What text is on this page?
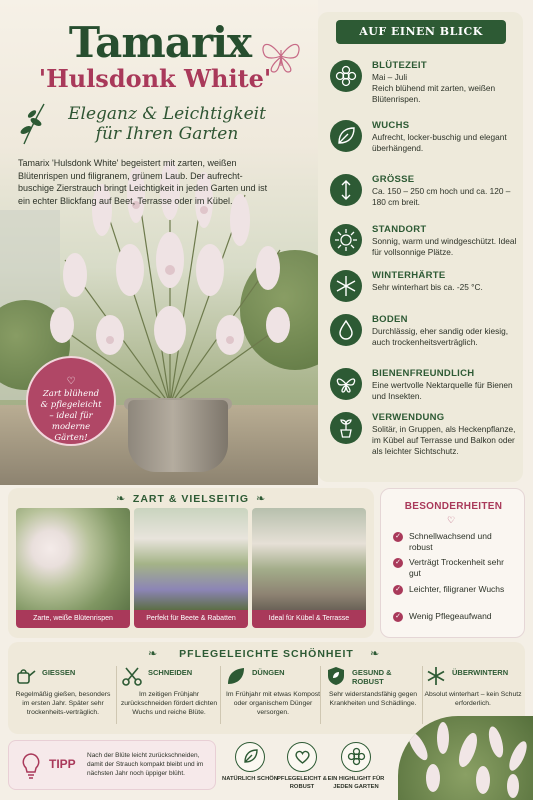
Tamarix
'Hulsdonk White'
Eleganz & Leichtigkeit
für Ihren Garten
Tamarix 'Hulsdonk White' begeistert mit zarten, weißen Blütenrispen und filigranem, grünem Laub. Der aufrecht-buschige Zierstrauch bringt Leichtigkeit in jeden Garten und ist ein echter Blickfang auf Beet, Terrasse oder im Kübel.
♡
Zart blühend & pflegeleicht – ideal für moderne Gärten!
AUF EINEN BLICK
BLÜTEZEIT
Mai – Juli
Reich blühend mit zarten, weißen Blütenrispen.
WUCHS
Aufrecht, locker-buschig und elegant überhängend.
GRÖSSE
Ca. 150 – 250 cm hoch und ca. 120 – 180 cm breit.
STANDORT
Sonnig, warm und windgeschützt. Ideal für vollsonnige Plätze.
WINTERHÄRTE
Sehr winterhart bis ca. -25 °C.
BODEN
Durchlässig, eher sandig oder kiesig, auch trockenheitsverträglich.
BIENENFREUNDLICH
Eine wertvolle Nektarquelle für Bienen und Insekten.
VERWENDUNG
Solitär, in Gruppen, als Heckenpflanze, im Kübel auf Terrasse und Balkon oder als leichter Sichtschutz.
ZART & VIELSEITIG
❧	❧
Zarte, weiße Blütenrispen	Perfekt für Beete & Rabatten	Ideal für Kübel & Terrasse
BESONDERHEITEN
♡
✓ Schnellwachsend und robust
✓ Verträgt Trockenheit sehr gut
✓ Leichter, filigraner Wuchs
✓ Wenig Pflegeaufwand
PFLEGELEICHTE SCHÖNHEIT
❧	❧
GIESSEN
Regelmäßig gießen, besonders im ersten Jahr. Später sehr trockenheits-verträglich.
SCHNEIDEN
Im zeitigen Frühjahr zurückschneiden fördert dichten Wuchs und reiche Blüte.
DÜNGEN
Im Frühjahr mit etwas Kompost oder organischem Dünger versorgen.
GESUND & ROBUST
Sehr widerstandsfähig gegen Krankheiten und Schädlinge.
ÜBERWINTERN
Absolut winterhart – kein Schutz erforderlich.
TIPP
Nach der Blüte leicht zurückschneiden, damit der Strauch kompakt bleibt und im nächsten Jahr noch üppiger blüht.
NATÜRLICH SCHÖN PFLEGELEICHT & ROBUST
EIN HIGHLIGHT FÜR JEDEN GARTEN
